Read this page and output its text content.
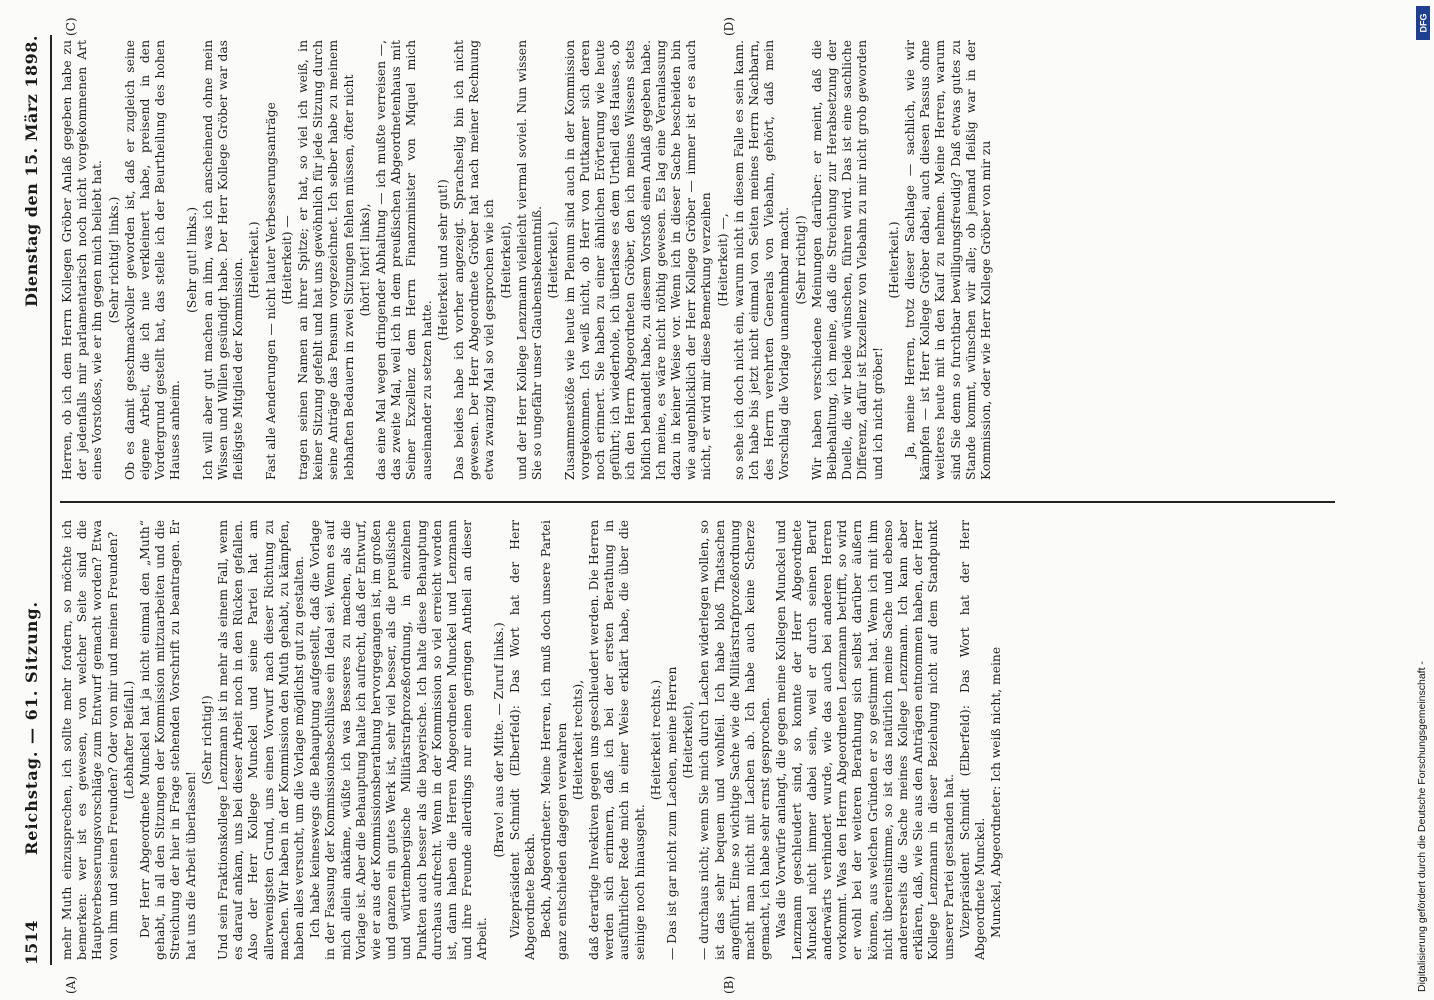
1514
Reichstag. — 61. Sitzung.
Dienstag den 15. März 1898.
(A)	(B)
(C)	(D)

mehr Muth einzusprechen, ich sollte mehr fordern, so möchte ich bemerken: wer ist es gewesen, von welcher Seite sind die Hauptverbesserungsvorschläge zum Entwurf gemacht worden? Etwa von ihm und seinen Freunden? Oder von mir und meinen Freunden? (Lebhafter Beifall.) Der Herr Abgeordnete Munckel hat ja nicht einmal den „Muth“ gehabt, in all den Sitzungen der Kommission mitzuarbeiten und die Streichung der hier in Frage stehenden Vorschrift zu beantragen. Er hat uns die Arbeit überlassen!

(Sehr richtig!) Und sein Fraktionskollege Lenzmann ist in mehr als einem Fall, wenn es darauf ankam, uns bei dieser Arbeit noch in den Rücken gefallen. Also der Herr Kollege Munckel und seine Partei hat am allerwenigsten Grund, uns einen Vorwurf nach dieser Richtung zu machen. Wir haben in der Kommission den Muth gehabt, zu kämpfen, haben alles versucht, um die Vorlage möglichst gut zu gestalten. Ich habe keineswegs die Behauptung aufgestellt, daß die Vorlage in der Fassung der Kommissionsbeschlüsse ein Ideal sei. Wenn es auf mich allein ankäme, wüßte ich was Besseres zu machen, als die Vorlage ist. Aber die Behauptung halte ich aufrecht, daß der Entwurf, wie er aus der Kommissionsberathung hervorgegangen ist, im großen und ganzen ein gutes Werk ist, sehr viel besser, als die preußische und württembergische Militärstrafprozeßordnung, in einzelnen Punkten auch besser als die bayerische. Ich halte diese Behauptung durchaus aufrecht. Wenn in der Kommission so viel erreicht worden ist, dann haben die Herren Abgeordneten Munckel und Lenzmann und ihre Freunde allerdings nur einen geringen Antheil an dieser Arbeit.

(Bravo! aus der Mitte. — Zuruf links.) Vizepräsident Schmidt (Elberfeld): Das Wort hat der Herr Abgeordnete Beckh. Beckh, Abgeordneter: Meine Herren, ich muß doch unsere Partei ganz entschieden dagegen verwahren (Heiterkeit rechts), daß derartige Invektiven gegen uns geschleudert werden. Die Herren werden sich erinnern, daß ich bei der ersten Berathung in ausführlicher Rede mich in einer Weise erklärt habe, die über die seinige noch hinausgeht.

(Heiterkeit rechts.) — Das ist gar nicht zum Lachen, meine Herren (Heiterkeit), — durchaus nicht; wenn Sie mich durch Lachen widerlegen wollen, so ist das sehr bequem und wohlfeil. Ich habe bloß Thatsachen angeführt. Eine so wichtige Sache wie die Militärstrafprozeßordnung macht man nicht mit Lachen ab. Ich habe auch keine Scherze gemacht, ich habe sehr ernst gesprochen. Was die Vorwürfe anlangt, die gegen meine Kollegen Munckel und Lenzmann geschleudert sind, so konnte der Herr Abgeordnete Munckel nicht immer dabei sein, weil er durch seinen Beruf anderwärts verhindert wurde, wie das auch bei anderen Herren vorkommt. Was den Herrn Abgeordneten Lenzmann betrifft, so wird er wohl bei der weiteren Berathung sich selbst darüber äußern können, aus welchen Gründen er so gestimmt hat. Wenn ich mit ihm nicht übereinstimme, so ist das natürlich meine Sache und ebenso andererseits die Sache meines Kollege Lenzmann. Ich kann aber erklären, daß, wie Sie aus den Anträgen entnommen haben, der Herr Kollege Lenzmann in dieser Beziehung nicht auf dem Standpunkt unserer Partei gestanden hat. Vizepräsident Schmidt (Elberfeld): Das Wort hat der Herr Abgeordnete Munckel. Munckel, Abgeordneter: Ich weiß nicht, meine

Herren, ob ich dem Herrn Kollegen Gröber Anlaß gegeben habe zu der jedenfalls mir parlamentarisch noch nicht vorgekommenen Art eines Vorstoßes, wie er ihn gegen mich beliebt hat. (Sehr richtig! links.) Ob es damit geschmackvoller geworden ist, daß er zugleich seine eigene Arbeit, die ich nie verkleinert habe, preisend in den Vordergrund gestellt hat, das stelle ich der Beurtheilung des hohen Hauses anheim.

(Sehr gut! links.) Ich will aber gut machen an ihm, was ich anscheinend ohne mein Wissen und Willen gesündigt habe. Der Herr Kollege Gröber war das fleißigste Mitglied der Kommission. (Heiterkeit.) Fast alle Aenderungen — nicht lauter Verbesserungsanträge (Heiterkeit) — tragen seinen Namen an ihrer Spitze; er hat, so viel ich weiß, in keiner Sitzung gefehlt und hat uns gewöhnlich für jede Sitzung durch seine Anträge das Pensum vorgezeichnet. Ich selber habe zu meinem lebhaften Bedauern in zwei Sitzungen fehlen müssen, öfter nicht (hört! hört! links), das eine Mal wegen dringender Abhaltung — ich mußte verreisen —, das zweite Mal, weil ich in dem preußischen Abgeordnetenhaus mit Seiner Exzellenz dem Herrn Finanzminister von Miquel mich auseinander zu setzen hatte.

(Heiterkeit und sehr gut!) Das beides habe ich vorher angezeigt. Sprachselig bin ich nicht gewesen. Der Herr Abgeordnete Gröber hat nach meiner Rechnung etwa zwanzig Mal so viel gesprochen wie ich (Heiterkeit), und der Herr Kollege Lenzmann vielleicht viermal soviel. Nun wissen Sie so ungefähr unser Glaubensbekenntniß. (Heiterkeit.) Zusammenstöße wie heute im Plenum sind auch in der Kommission vorgekommen. Ich weiß nicht, ob Herr von Puttkamer sich deren noch erinnert. Sie haben zu einer ähnlichen Erörterung wie heute geführt; ich wiederhole, ich überlasse es dem Urtheil des Hauses, ob ich den Herrn Abgeordneten Gröber, den ich meines Wissens stets höflich behandelt habe, zu diesem Vorstoß einen Anlaß gegeben habe. Ich meine, es wäre nicht nöthig gewesen. Es lag eine Veranlassung dazu in keiner Weise vor. Wenn ich in dieser Sache bescheiden bin wie augenblicklich der Herr Kollege Gröber — immer ist er es auch nicht, er wird mir diese Bemerkung verzeihen (Heiterkeit) —, so sehe ich doch nicht ein, warum nicht in diesem Falle es sein kann. Ich habe bis jetzt nicht einmal von Seiten meines Herrn Nachbarn, des Herrn verehrten Generals von Viebahn, gehört, daß mein Vorschlag die Vorlage unannehmbar macht. (Sehr richtig!) Wir haben verschiedene Meinungen darüber: er meint, daß die Beibehaltung, ich meine, daß die Streichung zur Herabsetzung der Duelle, die wir beide wünschen, führen wird. Das ist eine sachliche Differenz, dafür ist Exzellenz von Viebahn zu mir nicht grob geworden und ich nicht gröber!

(Heiterkeit.) Ja, meine Herren, trotz dieser Sachlage — sachlich, wie wir kämpfen — ist Herr Kollege Gröber dabei, auch diesen Passus ohne weiteres heute mit in den Kauf zu nehmen. Meine Herren, warum sind Sie denn so furchtbar bewilligungsfreudig? Daß etwas gutes zu Stande kommt, wünschen wir alle; ob jemand fleißig war in der Kommission, oder wie Herr Kollege Gröber von mir zu

DFG
Digitalisierung gefördert durch die Deutsche Forschungsgemeinschaft -
